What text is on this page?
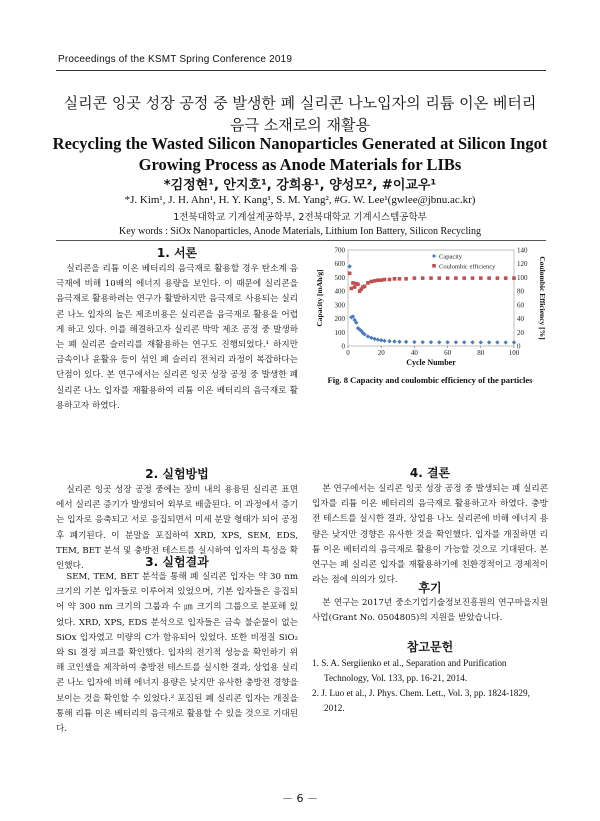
Proceedings of the KSMT Spring Conference 2019
실리콘 잉곳 성장 공정 중 발생한 폐 실리콘 나노입자의 리튬 이온 베터리
음극 소재로의 재활용
Recycling the Wasted Silicon Nanoparticles Generated at Silicon Ingot
Growing Process as Anode Materials for LIBs
*김정현¹, 안지호¹, 강희용¹, 양성모², #이교우¹
*J. Kim¹, J. H. Ahn¹, H. Y. Kang¹, S. M. Yang², #G. W. Lee¹(gwlee@jbnu.ac.kr)
1전북대학교 기계설계공학부, 2전북대학교 기계시스템공학부
Key words : SiOx Nanoparticles, Anode Materials, Lithium Ion Battery, Silicon Recycling
1. 서론

실리콘을 리튬 이온 베터리의 음극재로 활용할 경우 탄소계 음극재에 비해 10배의 에너지 용량을 보인다. 이 때문에 실리콘을 음극재로 활용하려는 연구가 활발하지만 음극재로 사용되는 실리콘 나노 입자의 높은 제조비용은 실리콘을 음극재로 활용을 어렵게 하고 있다. 이를 해결하고자 실리콘 박막 제조 공정 중 발생하는 폐 실리콘 슬러리를 재활용하는 연구도 진행되었다.¹ 하지만 금속이나 윤활유 등이 섞인 폐 슬러리 전처리 과정이 복잡하다는 단점이 있다. 본 연구에서는 실리콘 잉곳 성장 공정 중 발생한 폐 실리콘 나노 입자를 재활용하여 리튬 이온 베터리의 음극재로 활용하고자 하였다.

2. 실험방법

실리콘 잉곳 성장 공정 중에는 장비 내의 용융된 실리콘 표면에서 실리콘 증기가 발생되어 외부로 배출된다. 이 과정에서 증기는 입자로 응축되고 서로 응집되면서 미세 분말 형태가 되어 공정 후 폐기된다. 이 분말을 포집하여 XRD, XPS, SEM, EDS, TEM, BET 분석 및 충방전 테스트를 실시하여 입자의 특성을 확인했다.	3. 실험결과

SEM, TEM, BET 분석을 통해 폐 실리콘 입자는 약 30 nm 크기의 기본 입자들로 이루어져 있었으며, 기본 입자들은 응집되어 약 300 nm 크기의 그룹과 수 ㎛ 크기의 그룹으로 분포해 있었다. XRD, XPS, EDS 분석으로 입자들은 금속 불순물이 없는 SiOx 입자였고 미량의 C가 함유되어 있었다. 또한 비정질 SiO₂와 Si 결정 피크를 확인했다. 입자의 전기적 성능을 확인하기 위해 코인셀을 제작하여 충방전 테스트를 실시한 결과, 상업용 실리콘 나노 입자에 비해 에너지 용량은 낮지만 유사한 충방전 경향을 보이는 것을 확인할 수 있었다.² 포집된 폐 실리콘 입자는 개질을 통해 리튬 이온 베터리의 음극재로 활용할 수 있을 것으로 기대된다.

0	20	40	60	80	100
0
100
200
300
400
500
600
700
0
20
40
60
80
100
120
140
Cycle Number
Capacity [mAh/g]	Coulombic Efficiency [%]
Capacity
Coulombic efficiency
Fig. 8 Capacity and coulombic efficiency of the particles
4. 결론

본 연구에서는 실리콘 잉곳 성장 공정 중 발생되는 폐 실리콘 입자를 리튬 이온 베터리의 음극재로 활용하고자 하였다. 충방전 테스트를 실시한 결과, 상업용 나노 실리콘에 비해 에너지 용량은 낮지만 경향은 유사한 것을 확인했다. 입자를 개질하면 리튬 이온 베터리의 음극재로 활용이 가능할 것으로 기대된다. 본 연구는 폐 실리콘 입자를 재활용하기에 친환경적이고 경제적이라는 점에 의의가 있다.

후기

본 연구는 2017년 중소기업기술정보진흥원의 연구마을지원사업(Grant No. 0504805)의 지원을 받았습니다.

참고문헌
1. S. A. Sergiienko et al., Separation and Purification Technology, Vol. 133, pp. 16-21, 2014.
2. J. Luo et al., J. Phys. Chem. Lett., Vol. 3, pp. 1824-1829, 2012.
－ 6 －
